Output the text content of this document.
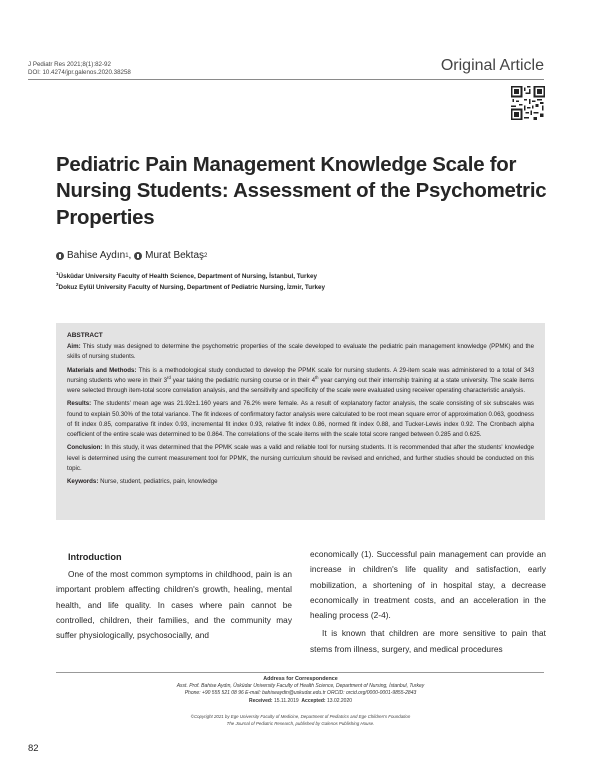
J Pediatr Res 2021;8(1):82-92
DOI: 10.4274/jpr.galenos.2020.38258	Original Article
Pediatric Pain Management Knowledge Scale for Nursing Students: Assessment of the Psychometric Properties
Bahise Aydın 1 , Murat Bektaş 2
$^1$Üsküdar University Faculty of Health Science, Department of Nursing, İstanbul, Turkey
$^2$Dokuz Eylül University Faculty of Nursing, Department of Pediatric Nursing, İzmir, Turkey
ABSTRACT

Aim: This study was designed to determine the psychometric properties of the scale developed to evaluate the pediatric pain management knowledge (PPMK) and the skills of nursing students.

Materials and Methods: This is a methodological study conducted to develop the PPMK scale for nursing students. A 29-item scale was administered to a total of 343 nursing students who were in their 3rd year taking the pediatric nursing course or in their 4th year carrying out their internship training at a state university. The scale items were selected through item-total score correlation analysis, and the sensitivity and specificity of the scale were evaluated using receiver operating characteristic analysis.

Results: The students' mean age was 21.92±1.160 years and 76.2% were female. As a result of explanatory factor analysis, the scale consisting of six subscales was found to explain 50.30% of the total variance. The fit indexes of confirmatory factor analysis were calculated to be root mean square error of approximation 0.063, goodness of fit index 0.85, comparative fit index 0.93, incremental fit index 0.93, relative fit index 0.86, normed fit index 0.88, and Tucker-Lewis index 0.92. The Cronbach alpha coefficient of the entire scale was determined to be 0.864. The correlations of the scale items with the scale total score ranged between 0.285 and 0.625.

Conclusion: In this study, it was determined that the PPMK scale was a valid and reliable tool for nursing students. It is recommended that after the students' knowledge level is determined using the current measurement tool for PPMK, the nursing curriculum should be revised and enriched, and further studies should be conducted on this topic.

Keywords: Nurse, student, pediatrics, pain, knowledge

Introduction

One of the most common symptoms in childhood, pain is an important problem affecting children's growth, healing, mental health, and life quality. In cases where pain cannot be controlled, children, their families, and the community may suffer physiologically, psychosocially, and

economically (1). Successful pain management can provide an increase in children's life quality and satisfaction, early mobilization, a shortening of in hospital stay, a decrease economically in treatment costs, and an acceleration in the healing process (2-4).

It is known that children are more sensitive to pain that stems from illness, surgery, and medical procedures

Address for Correspondence
Asst. Prof. Bahise Aydın, Üsküdar University Faculty of Health Science, Department of Nursing, İstanbul, Turkey
Phone: +90 555 521 08 96 E-mail: bahiseaydin@uskudar.edu.tr ORCID: orcid.org/0000-0001-9855-2843
Received: 15.11.2019 Accepted: 13.02.2020
©Copyright 2021 by Ege University Faculty of Medicine, Department of Pediatrics and Ege Children's Foundation
The Journal of Pediatric Research, published by Galenos Publishing House.
82
